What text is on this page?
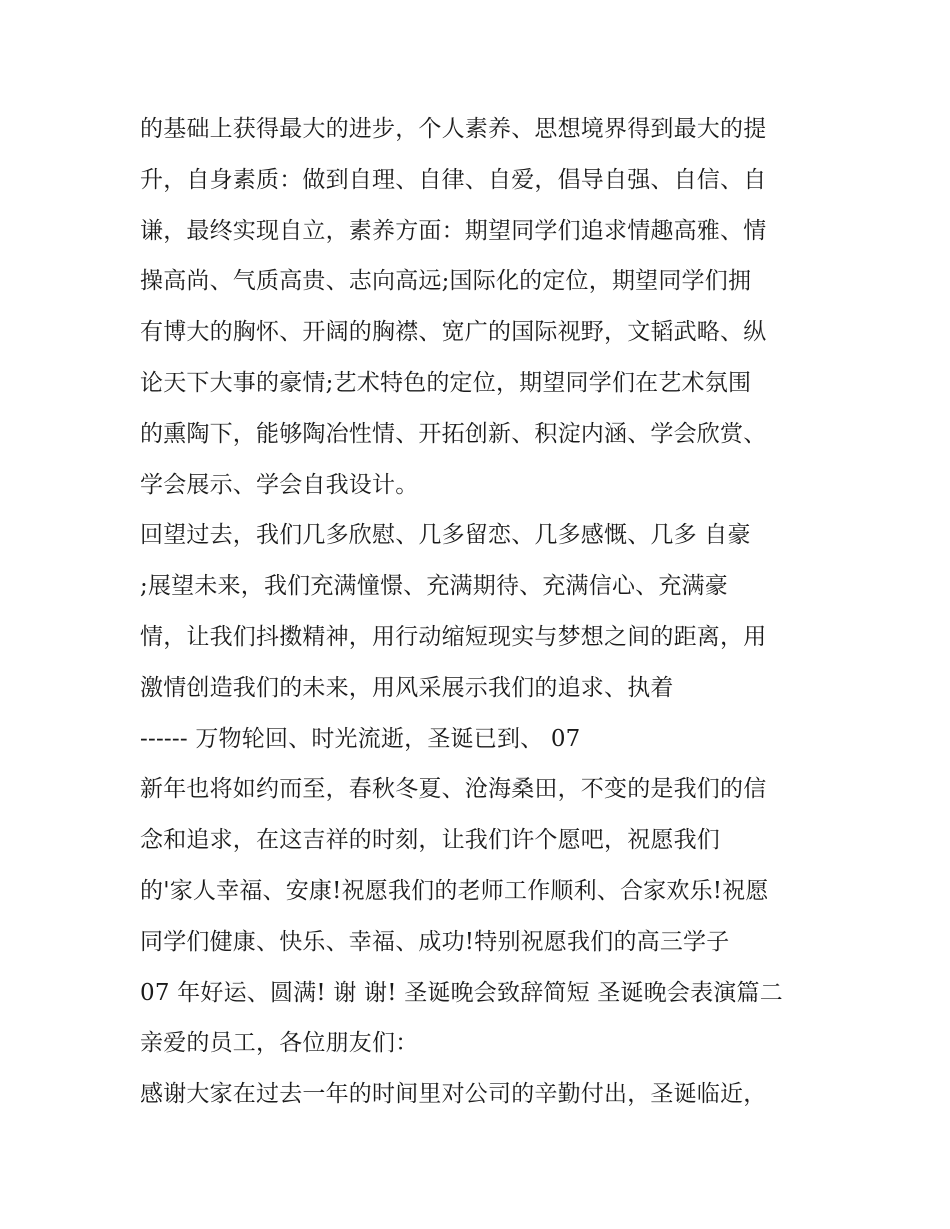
的基础上获得最大的进步，个人素养、思想境界得到最大的提
升，自身素质：做到自理、自律、自爱，倡导自强、自信、自
谦，最终实现自立，素养方面：期望同学们追求情趣高雅、情
操高尚、气质高贵、志向高远;国际化的定位，期望同学们拥
有博大的胸怀、开阔的胸襟、宽广的国际视野，文韬武略、纵
论天下大事的豪情;艺术特色的定位，期望同学们在艺术氛围
的熏陶下，能够陶冶性情、开拓创新、积淀内涵、学会欣赏、
学会展示、学会自我设计。
回望过去，我们几多欣慰、几多留恋、几多感慨、几多 自豪
;展望未来，我们充满憧憬、充满期待、充满信心、充满豪
情，让我们抖擞精神，用行动缩短现实与梦想之间的距离，用
激情创造我们的未来，用风采展示我们的追求、执着
------ 万物轮回、时光流逝，圣诞已到、 07
新年也将如约而至，春秋冬夏、沧海桑田，不变的是我们的信
念和追求，在这吉祥的时刻，让我们许个愿吧，祝愿我们
的'家人幸福、安康!祝愿我们的老师工作顺利、合家欢乐!祝愿
同学们健康、快乐、幸福、成功!特别祝愿我们的高三学子
07 年好运、圆满! 谢 谢! 圣诞晚会致辞简短 圣诞晚会表演篇二
亲爱的员工，各位朋友们：
感谢大家在过去一年的时间里对公司的辛勤付出，圣诞临近，
